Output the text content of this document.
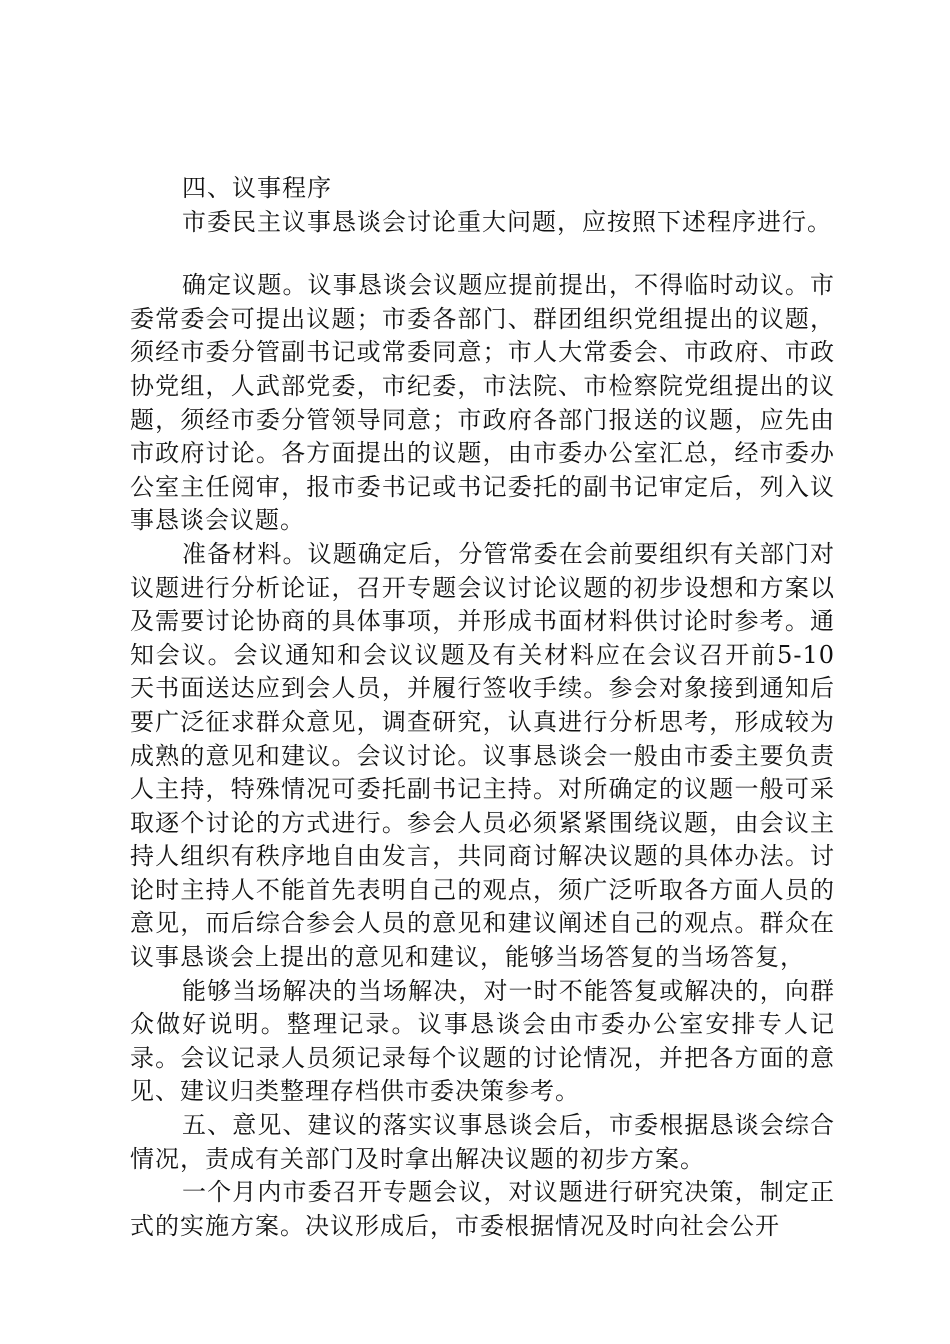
四、议事程序

市委民主议事恳谈会讨论重大问题，应按照下述程序进行。

确定议题。议事恳谈会议题应提前提出，不得临时动议。市委常委会可提出议题；市委各部门、群团组织党组提出的议题，须经市委分管副书记或常委同意；市人大常委会、市政府、市政协党组，人武部党委，市纪委，市法院、市检察院党组提出的议题，须经市委分管领导同意；市政府各部门报送的议题，应先由市政府讨论。各方面提出的议题，由市委办公室汇总，经市委办公室主任阅审，报市委书记或书记委托的副书记审定后，列入议事恳谈会议题。

准备材料。议题确定后，分管常委在会前要组织有关部门对议题进行分析论证，召开专题会议讨论议题的初步设想和方案以及需要讨论协商的具体事项，并形成书面材料供讨论时参考。通知会议。会议通知和会议议题及有关材料应在会议召开前5-10天书面送达应到会人员，并履行签收手续。参会对象接到通知后要广泛征求群众意见，调查研究，认真进行分析思考，形成较为成熟的意见和建议。会议讨论。议事恳谈会一般由市委主要负责人主持，特殊情况可委托副书记主持。对所确定的议题一般可采取逐个讨论的方式进行。参会人员必须紧紧围绕议题，由会议主持人组织有秩序地自由发言，共同商讨解决议题的具体办法。讨论时主持人不能首先表明自己的观点，须广泛听取各方面人员的意见，而后综合参会人员的意见和建议阐述自己的观点。群众在议事恳谈会上提出的意见和建议，能够当场答复的当场答复，

能够当场解决的当场解决，对一时不能答复或解决的，向群众做好说明。整理记录。议事恳谈会由市委办公室安排专人记录。会议记录人员须记录每个议题的讨论情况，并把各方面的意见、建议归类整理存档供市委决策参考。

五、意见、建议的落实议事恳谈会后，市委根据恳谈会综合情况，责成有关部门及时拿出解决议题的初步方案。

一个月内市委召开专题会议，对议题进行研究决策，制定正式的实施方案。决议形成后，市委根据情况及时向社会公开
